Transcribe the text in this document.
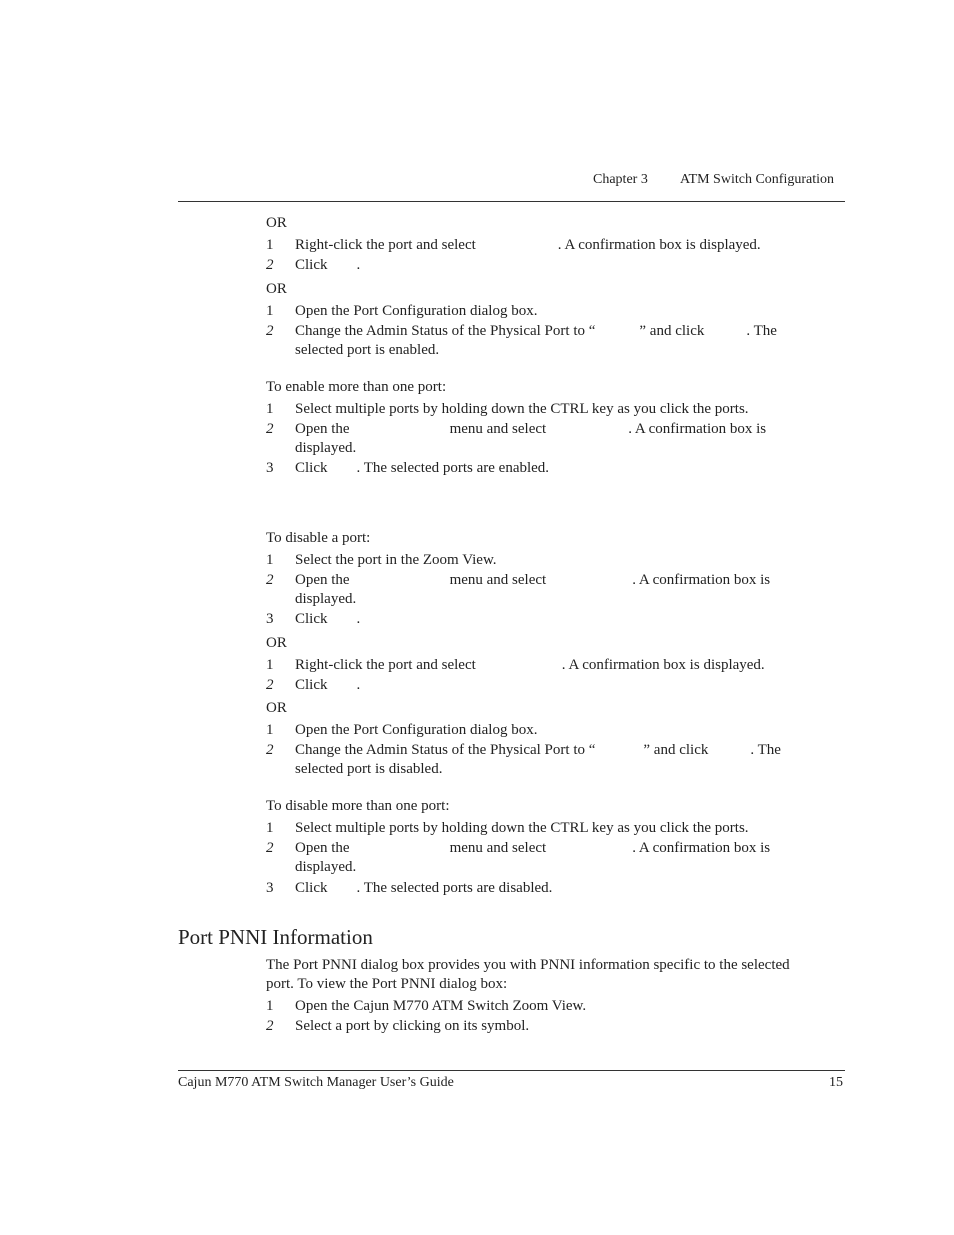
Chapter 3 ATM Switch Configuration
OR
1 Right-click the port and select	. A confirmation box is displayed.
2 Click .
OR
1 Open the Port Configuration dialog box.
2 Change the Admin Status of the Physical Port to “	” and click	. The
selected port is enabled.
To enable more than one port:
1 Select multiple ports by holding down the CTRL key as you click the ports.
2 Open the	menu and select	. A confirmation box is
displayed.
3 Click . The selected ports are enabled.
To disable a port:
1 Select the port in the Zoom View.
2 Open the	menu and select	. A confirmation box is
displayed.
3 Click .
OR
1 Right-click the port and select	. A confirmation box is displayed.
2 Click .
OR
1 Open the Port Configuration dialog box.
2 Change the Admin Status of the Physical Port to “	” and click	. The
selected port is disabled.
To disable more than one port:
1 Select multiple ports by holding down the CTRL key as you click the ports.
2 Open the	menu and select	. A confirmation box is
displayed.
3 Click . The selected ports are disabled.
Port PNNI Information
The Port PNNI dialog box provides you with PNNI information specific to the selected
port. To view the Port PNNI dialog box:
1 Open the Cajun M770 ATM Switch Zoom View.
2 Select a port by clicking on its symbol.
Cajun M770 ATM Switch Manager User’s Guide	15
